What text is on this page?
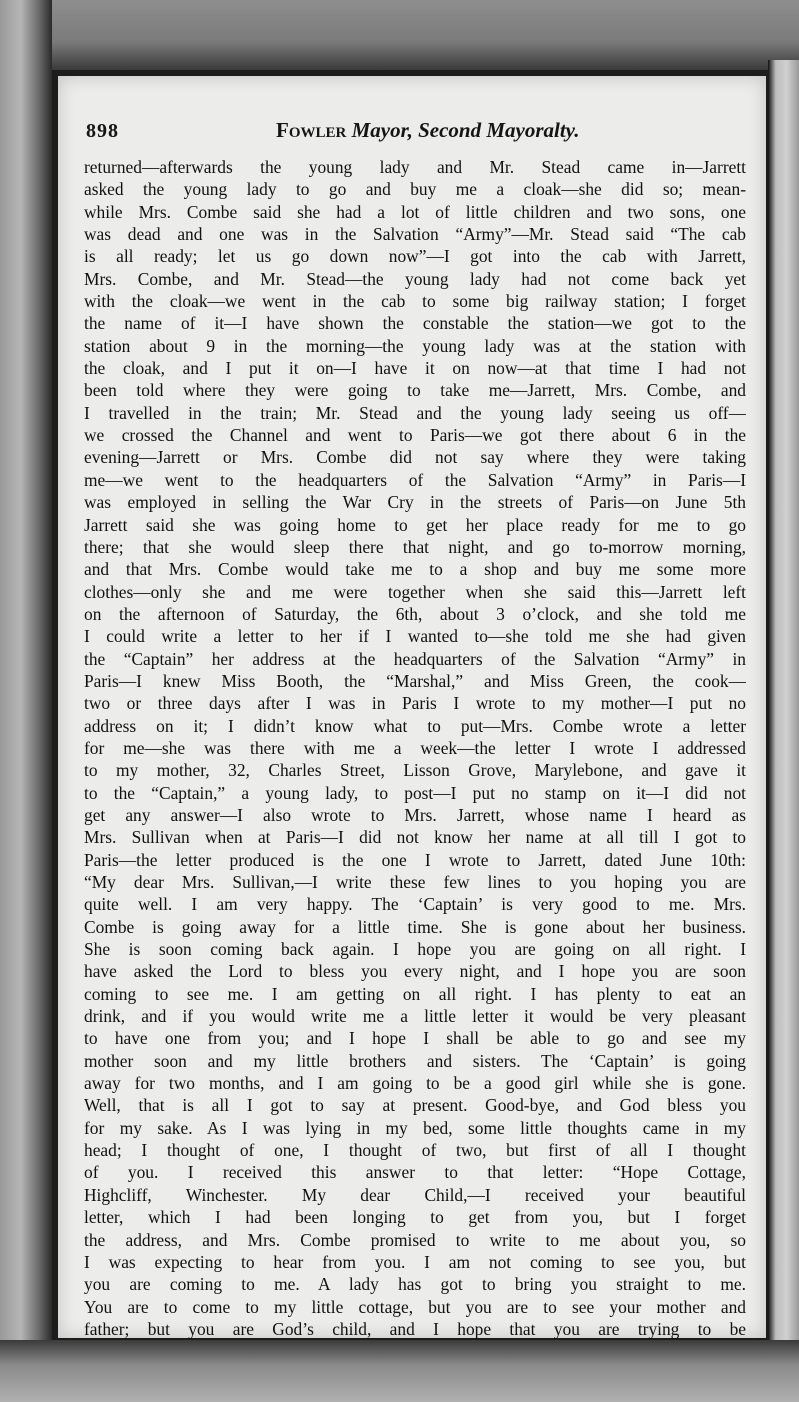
898	Fowler Mayor, Second Mayoralty.
returned—afterwards the young lady and Mr. Stead came in—Jarrett
asked the young lady to go and buy me a cloak—she did so; mean-
while Mrs. Combe said she had a lot of little children and two sons, one
was dead and one was in the Salvation “Army”—Mr. Stead said “The cab
is all ready; let us go down now”—I got into the cab with Jarrett,
Mrs. Combe, and Mr. Stead—the young lady had not come back yet
with the cloak—we went in the cab to some big railway station; I forget
the name of it—I have shown the constable the station—we got to the
station about 9 in the morning—the young lady was at the station with
the cloak, and I put it on—I have it on now—at that time I had not
been told where they were going to take me—Jarrett, Mrs. Combe, and
I travelled in the train; Mr. Stead and the young lady seeing us off—
we crossed the Channel and went to Paris—we got there about 6 in the
evening—Jarrett or Mrs. Combe did not say where they were taking
me—we went to the headquarters of the Salvation “Army” in Paris—I
was employed in selling the War Cry in the streets of Paris—on June 5th
Jarrett said she was going home to get her place ready for me to go
there; that she would sleep there that night, and go to-morrow morning,
and that Mrs. Combe would take me to a shop and buy me some more
clothes—only she and me were together when she said this—Jarrett left
on the afternoon of Saturday, the 6th, about 3 o’clock, and she told me
I could write a letter to her if I wanted to—she told me she had given
the “Captain” her address at the headquarters of the Salvation “Army” in
Paris—I knew Miss Booth, the “Marshal,” and Miss Green, the cook—
two or three days after I was in Paris I wrote to my mother—I put no
address on it; I didn’t know what to put—Mrs. Combe wrote a letter
for me—she was there with me a week—the letter I wrote I addressed
to my mother, 32, Charles Street, Lisson Grove, Marylebone, and gave it
to the “Captain,” a young lady, to post—I put no stamp on it—I did not
get any answer—I also wrote to Mrs. Jarrett, whose name I heard as
Mrs. Sullivan when at Paris—I did not know her name at all till I got to
Paris—the letter produced is the one I wrote to Jarrett, dated June 10th:
“My dear Mrs. Sullivan,—I write these few lines to you hoping you are
quite well. I am very happy. The ‘Captain’ is very good to me. Mrs.
Combe is going away for a little time. She is gone about her business.
She is soon coming back again. I hope you are going on all right. I
have asked the Lord to bless you every night, and I hope you are soon
coming to see me. I am getting on all right. I has plenty to eat an
drink, and if you would write me a little letter it would be very pleasant
to have one from you; and I hope I shall be able to go and see my
mother soon and my little brothers and sisters. The ‘Captain’ is going
away for two months, and I am going to be a good girl while she is gone.
Well, that is all I got to say at present. Good-bye, and God bless you
for my sake. As I was lying in my bed, some little thoughts came in my
head; I thought of one, I thought of two, but first of all I thought
of you. I received this answer to that letter: “Hope Cottage,
Highcliff, Winchester. My dear Child,—I received your beautiful
letter, which I had been longing to get from you, but I forget
the address, and Mrs. Combe promised to write to me about you, so
I was expecting to hear from you. I am not coming to see you, but
you are coming to me. A lady has got to bring you straight to me.
You are to come to my little cottage, but you are to see your mother and
father; but you are God’s child, and I hope that you are trying to be
